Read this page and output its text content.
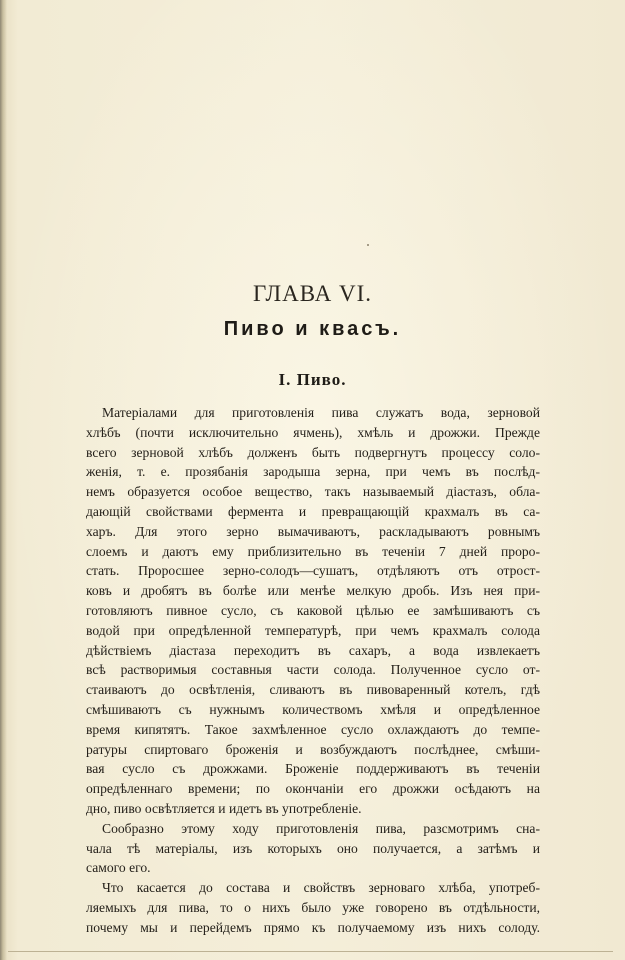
ГЛАВА VI.
Пиво и квасъ.
I. Пиво.
Матеріалами для приготовленія пива служатъ вода, зерновой
хлѣбъ (почти исключительно ячмень), хмѣль и дрожжи. Прежде
всего зерновой хлѣбъ долженъ быть подвергнутъ процессу соло-
женія, т. е. прозябанія зародыша зерна, при чемъ въ послѣд-
немъ образуется особое вещество, такъ называемый діастазъ, обла-
дающій свойствами фермента и превращающій крахмалъ въ са-
харъ. Для этого зерно вымачиваютъ, раскладываютъ ровнымъ
слоемъ и даютъ ему приблизительно въ теченіи 7 дней проро-
стать. Проросшее зерно-солодъ—сушатъ, отдѣляютъ отъ отрост-
ковъ и дробятъ въ болѣе или менѣе мелкую дробь. Изъ нея при-
готовляютъ пивное сусло, съ каковой цѣлью ее замѣшиваютъ съ
водой при опредѣленной температурѣ, при чемъ крахмалъ солода
дѣйствіемъ діастаза переходитъ въ сахаръ, а вода извлекаетъ
всѣ растворимыя составныя части солода. Полученное сусло от-
стаиваютъ до освѣтленія, сливаютъ въ пивоваренный котелъ, гдѣ
смѣшиваютъ съ нужнымъ количествомъ хмѣля и опредѣленное
время кипятятъ. Такое захмѣленное сусло охлаждаютъ до темпе-
ратуры спиртоваго броженія и возбуждаютъ послѣднее, смѣши-
вая сусло съ дрожжами. Броженіе поддерживаютъ въ теченіи
опредѣленнаго времени; по окончаніи его дрожжи осѣдаютъ на
дно, пиво освѣтляется и идетъ въ употребленіе.
Сообразно этому ходу приготовленія пива, разсмотримъ сна-
чала тѣ матеріалы, изъ которыхъ оно получается, а затѣмъ и
самого его.
Что касается до состава и свойствъ зерноваго хлѣба, употреб-
ляемыхъ для пива, то о нихъ было уже говорено въ отдѣльности,
почему мы и перейдемъ прямо къ получаемому изъ нихъ солоду.
